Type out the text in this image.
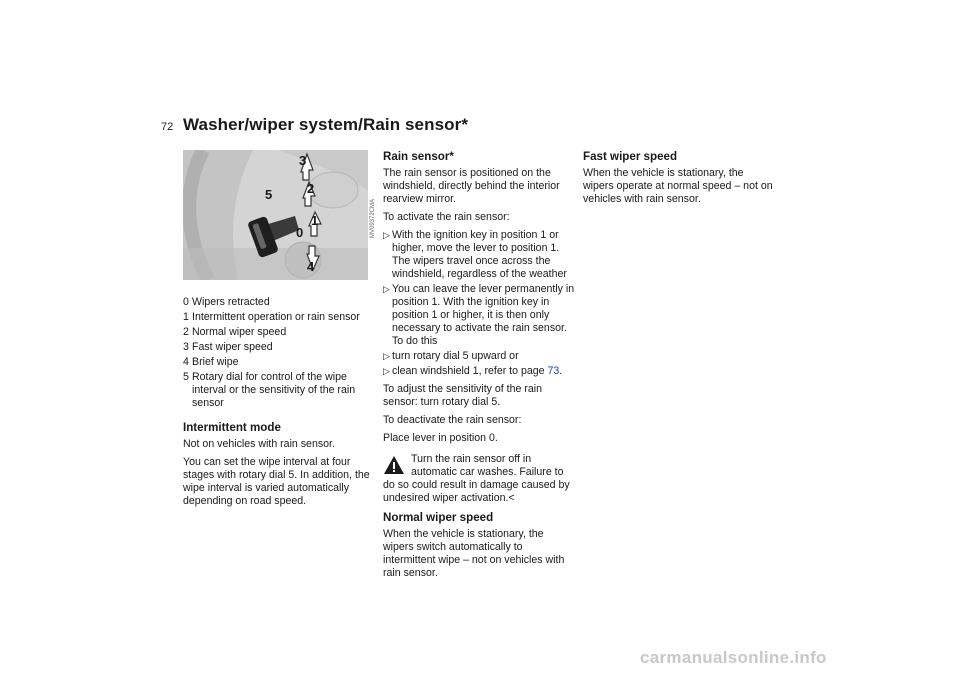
72 Washer/wiper system/Rain sensor*
3
2
1
0
4
5
0 Wipers retracted
1 Intermittent operation or rain sensor
2 Normal wiper speed
3 Fast wiper speed
4 Brief wipe
5 Rotary dial for control of the wipe interval or the sensitivity of the rain sensor
Intermittent mode

Not on vehicles with rain sensor.

You can set the wipe interval at four stages with rotary dial 5. In addition, the wipe interval is varied automatically depending on road speed.

MV09372CMA
Rain sensor*

The rain sensor is positioned on the windshield, directly behind the interior rearview mirror.

To activate the rain sensor:

▷ With the ignition key in position 1 or higher, move the lever to position 1. The wipers travel once across the windshield, regardless of the weather
▷ You can leave the lever permanently in position 1. With the ignition key in position 1 or higher, it is then only necessary to activate the rain sensor. To do this
▷ turn rotary dial 5 upward or
▷ clean windshield 1, refer to page 73.

To adjust the sensitivity of the rain sensor: turn rotary dial 5.

To deactivate the rain sensor:

Place lever in position 0.

Turn the rain sensor off in automatic car washes. Failure to do so could result in damage caused by undesired wiper activation.<
Normal wiper speed

When the vehicle is stationary, the wipers switch automatically to intermittent wipe – not on vehicles with rain sensor.

Fast wiper speed

When the vehicle is stationary, the wipers operate at normal speed – not on vehicles with rain sensor.

carmanualsonline.info
